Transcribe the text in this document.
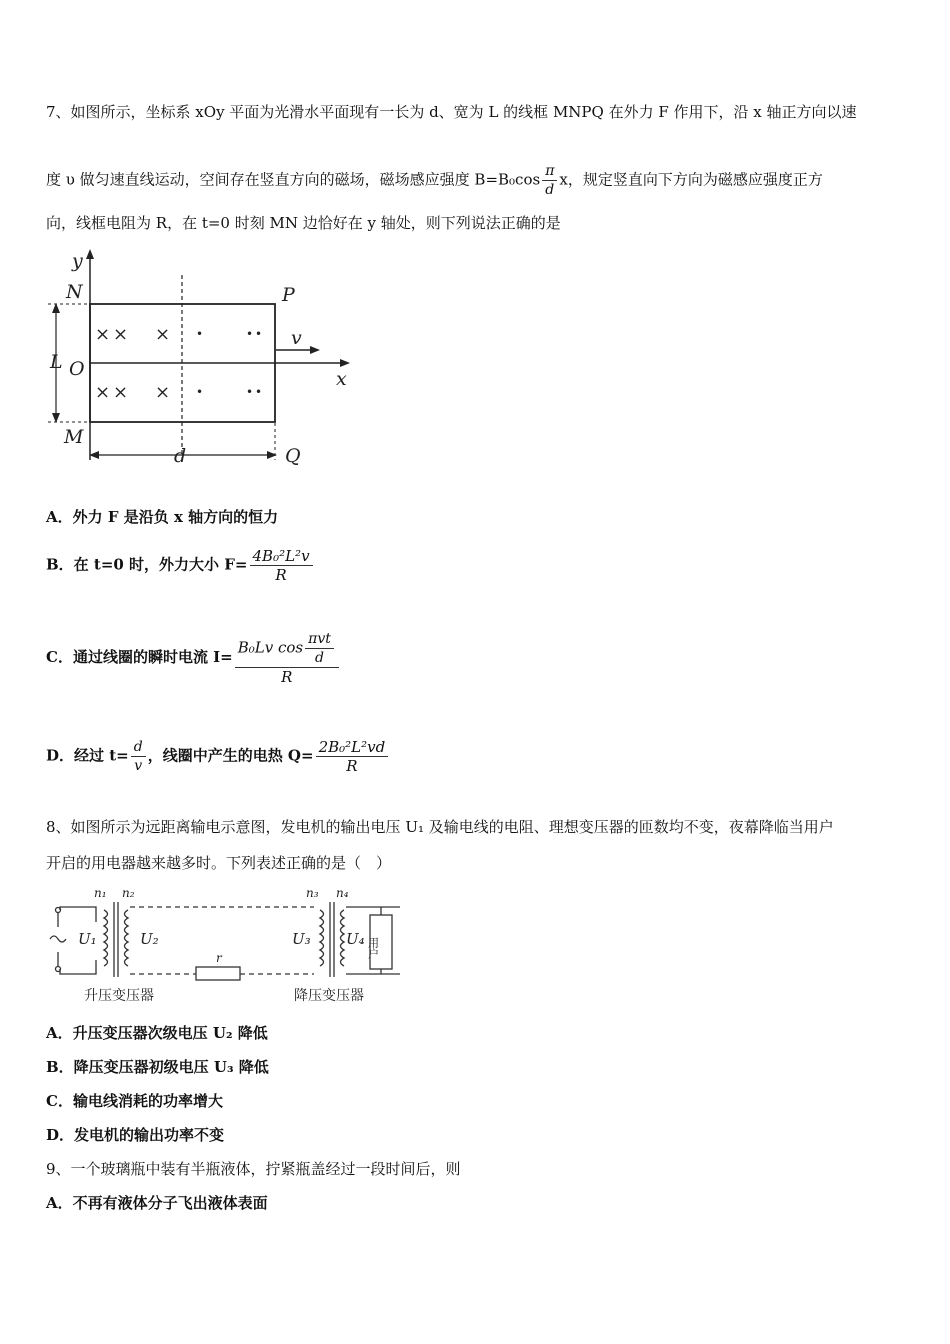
7、如图所示，坐标系 xOy 平面为光滑水平面现有一长为 d、宽为 L 的线框 MNPQ 在外力 F 作用下，沿 x 轴正方向以速
度 υ 做匀速直线运动，空间存在竖直方向的磁场，磁场感应强度 $B=B_0\cos \frac{\pi}{d}$ x，规定竖直向下方向为磁感应强度正方
向，线框电阻为 R，在 t=0 时刻 MN 边恰好在 y 轴处，则下列说法正确的是
× × ×
× × ×
•	• •
•	• •
y
N	P
L O
v
x
M
d	Q
A．外力 F 是沿负 x 轴方向的恒力
B．在 t=0 时，外力大小 $F= \frac{\text{4B₀²L²v}}{R}$
C．通过线圈的瞬时电流 $I= \frac{B_0Lv \cos \frac{\text{πvt}}{d}}{R}$
D．经过 $t= \frac{d}{v}$ ，线圈中产生的电热 $Q= \frac{\text{2B₀²L²vd}}{R}$
8、如图所示为远距离输电示意图，发电机的输出电压 U₁ 及输电线的电阻、理想变压器的匝数均不变，夜幕降临当用户
开启的用电器越来越多时。下列表述正确的是（　）
n₁ n₂	n₃ n₄
r
U₁	U₂	U₃ U₄ 用户
升压变压器	降压变压器
A．升压变压器次级电压 U₂ 降低
B．降压变压器初级电压 U₃ 降低
C．输电线消耗的功率增大
D．发电机的输出功率不变
9、一个玻璃瓶中装有半瓶液体，拧紧瓶盖经过一段时间后，则
A．不再有液体分子飞出液体表面
